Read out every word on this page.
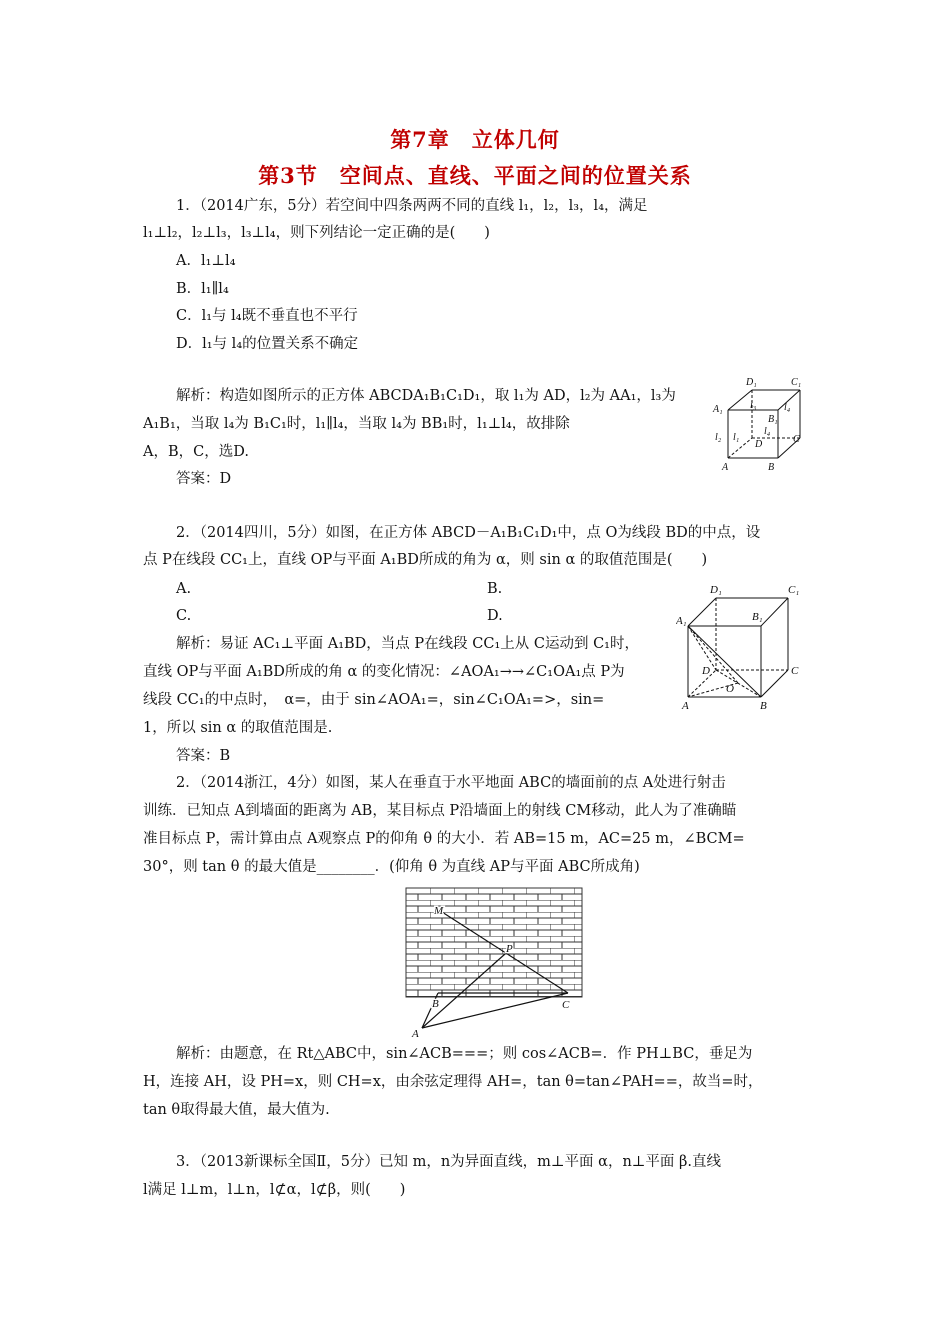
第7章　立体几何
第3节　空间点、直线、平面之间的位置关系
1．（2014广东，5分）若空间中四条两两不同的直线 l₁，l₂，l₃，l₄，满足
l₁⊥l₂，l₂⊥l₃，l₃⊥l₄，则下列结论一定正确的是(　　)
A．l₁⊥l₄
B．l₁∥l₄
C．l₁与 l₄既不垂直也不平行
D．l₁与 l₄的位置关系不确定
解析：构造如图所示的正方体 ABCDA₁B₁C₁D₁，取 l₁为 AD，l₂为 AA₁，l₃为
A₁B₁，当取 l₄为 B₁C₁时，l₁∥l₄，当取 l₄为 BB₁时，l₁⊥l₄，故排除
A，B，C，选D.
答案：D
D₁	C₁
A₁
B₁
D	C
A	B
l₂ l₁
l₃	l₄
l₄
2．（2014四川，5分）如图，在正方体 ABCD－A₁B₁C₁D₁中，点 O为线段 BD的中点，设
点 P在线段 CC₁上，直线 OP与平面 A₁BD所成的角为 α，则 sin α 的取值范围是(　　)
A.	B.
C.	D.
解析：易证 AC₁⊥平面 A₁BD，当点 P在线段 CC₁上从 C运动到 C₁时，
直线 OP与平面 A₁BD所成的角 α 的变化情况：∠AOA₁→→∠C₁OA₁点 P为
线段 CC₁的中点时，　α=，由于 sin∠AOA₁=，sin∠C₁OA₁=>，sin=
1，所以 sin α 的取值范围是.
答案：B
D₁	C₁
A₁	B₁
D	C
A	B
O
2．（2014浙江，4分）如图，某人在垂直于水平地面 ABC的墙面前的点 A处进行射击
训练．已知点 A到墙面的距离为 AB，某目标点 P沿墙面上的射线 CM移动，此人为了准确瞄
准目标点 P，需计算由点 A观察点 P的仰角 θ 的大小．若 AB=15 m，AC=25 m，∠BCM=
30°，则 tan θ 的最大值是________．(仰角 θ 为直线 AP与平面 ABC所成角)
M
P
B	C
A
解析：由题意，在 Rt△ABC中，sin∠ACB===；则 cos∠ACB=．作 PH⊥BC，垂足为
H，连接 AH，设 PH=x，则 CH=x，由余弦定理得 AH=，tan θ=tan∠PAH==，故当=时，
tan θ取得最大值，最大值为.
3．（2013新课标全国Ⅱ，5分）已知 m，n为异面直线，m⊥平面 α，n⊥平面 β.直线
l满足 l⊥m，l⊥n，l⊄α，l⊄β，则(　　)
